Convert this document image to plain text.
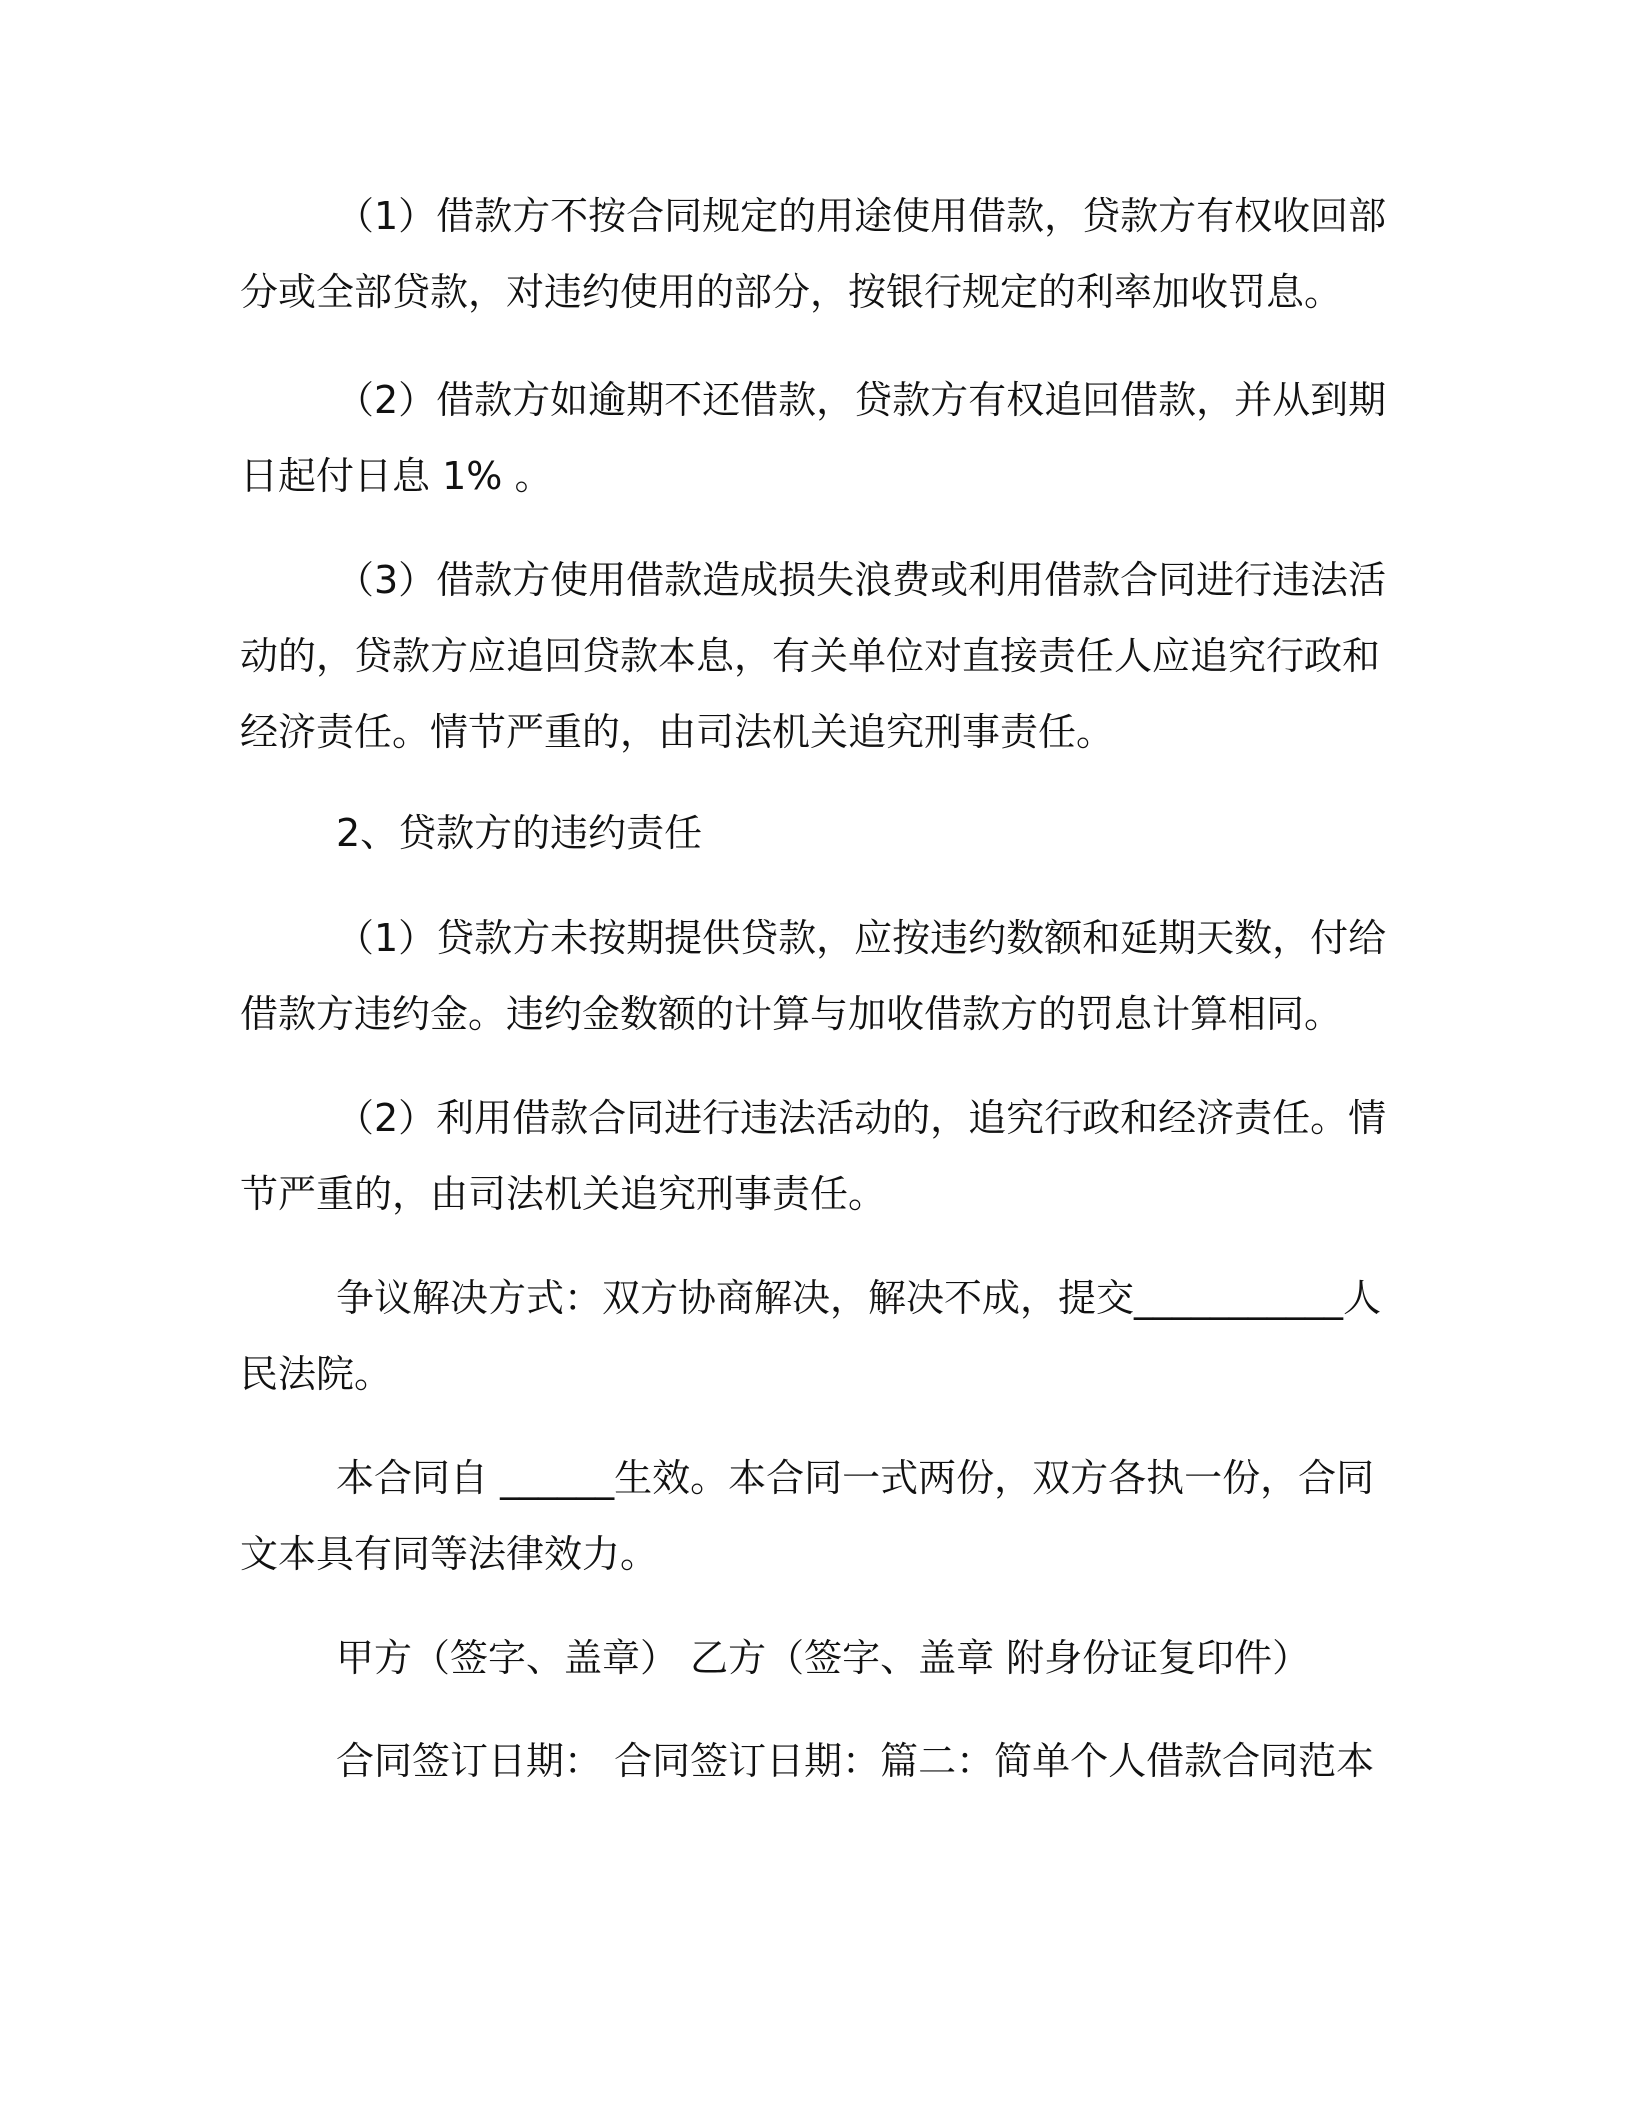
（1）借款方不按合同规定的用途使用借款，贷款方有权收回部
分或全部贷款，对违约使用的部分，按银行规定的利率加收罚息。
（2）借款方如逾期不还借款，贷款方有权追回借款，并从到期
日起付日息 1% 。
（3）借款方使用借款造成损失浪费或利用借款合同进行违法活
动的，贷款方应追回贷款本息，有关单位对直接责任人应追究行政和
经济责任。情节严重的，由司法机关追究刑事责任。
2、贷款方的违约责任
（1）贷款方未按期提供贷款，应按违约数额和延期天数，付给
借款方违约金。违约金数额的计算与加收借款方的罚息计算相同。
（2）利用借款合同进行违法活动的，追究行政和经济责任。情
节严重的，由司法机关追究刑事责任。
争议解决方式：双方协商解决，解决不成，提交___________人
民法院。
本合同自 ______生效。本合同一式两份，双方各执一份，合同
文本具有同等法律效力。
甲方（签字、盖章） 乙方（签字、盖章 附身份证复印件）
合同签订日期： 合同签订日期：篇二：简单个人借款合同范本
